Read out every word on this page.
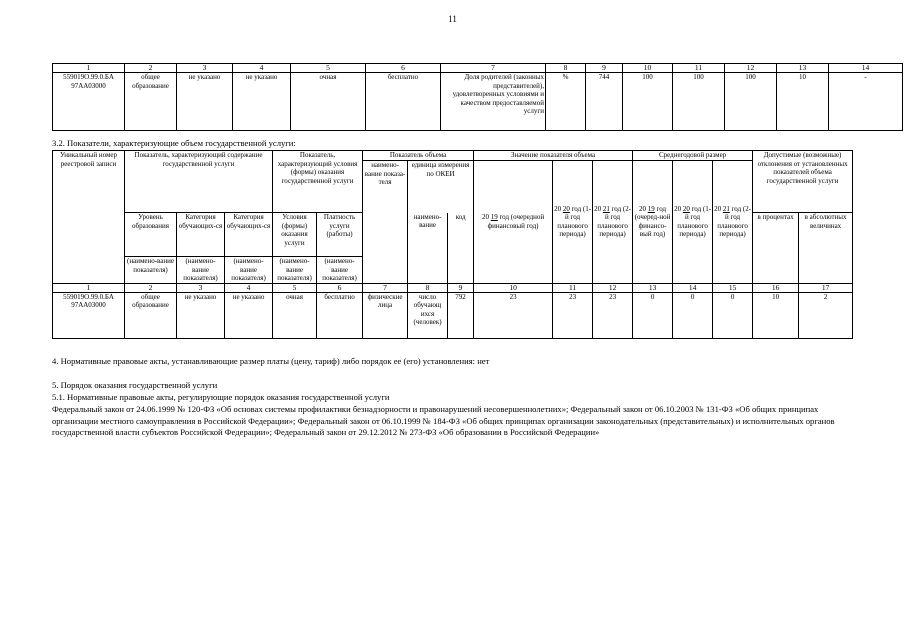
11
1	2	3	4	5	6	7	8	9	10	11	12	13	14
559019О.99.0.БА 97АА03000	общее образование	не указано	не указано	очная	бесплатно	Доля родителей (законных представителей), удовлетворенных условиями и качеством предоставляемой услуги	%	744	100	100	100	10	-
3.2. Показатели, характеризующие объем государственной услуги:
Уникальный номер реестровой записи	Показатель, характеризующий содержание государственной услуги			Показатель, характеризующий условия (формы) оказания государственной услуги		Показатель объема			Значение показателя объема			Среднегодовой размер			Допустимые (возможные) отклонения от установленных показателей объема государственной услуги	
						наимено-вание показа-теля	единица измерения по ОКЕИ		20 19 год (очередной финансовый год)	20 20 год (1-й год планового периода)	20 21 год (2-й год планового периода)	20 19 год (очеред-ной финансо-вый год)	20 20 год (1-й год планового периода)	20 21 год (2-й год планового периода)		
	Уровень образования	Категория обучающих-ся	Категория обучающих-ся	Условия (формы) оказания услуги	Платность услуги (работы)		наимено-вание	код							в процентах	в абсолютных величинах
	(наимено-вание показателя)	(наимено-вание показателя)	(наимено-вание показателя)	(наимено-вание показателя)	(наимено-вание показателя)											
1	2	3	4	5	6	7	8	9	10	11	12	13	14	15	16	17
559019О.99.0.БА 97АА03000	общее образование	не указано	не указано	очная	бесплатно	физические лица	число обучающ ихся (человек)	792	23	23	23	0	0	0	10	2
4. Нормативные правовые акты, устанавливающие размер платы (цену, тариф) либо порядок ее (его) установления: нет
5. Порядок оказания государственной услуги
5.1. Нормативные правовые акты, регулирующие порядок оказания государственной услуги
Федеральный закон от 24.06.1999 № 120-ФЗ «Об основах системы профилактики безнадзорности и правонарушений несовершеннолетних»; Федеральный закон от 06.10.2003 № 131-ФЗ «Об общих принципах организации местного самоуправления в Российской Федерации»; Федеральный закон от 06.10.1999 № 184-ФЗ «Об общих принципах организации законодательных (представительных) и исполнительных органов государственной власти субъектов Российской Федерации»; Федеральный закон от 29.12.2012 № 273-ФЗ «Об образовании в Российской Федерации»
